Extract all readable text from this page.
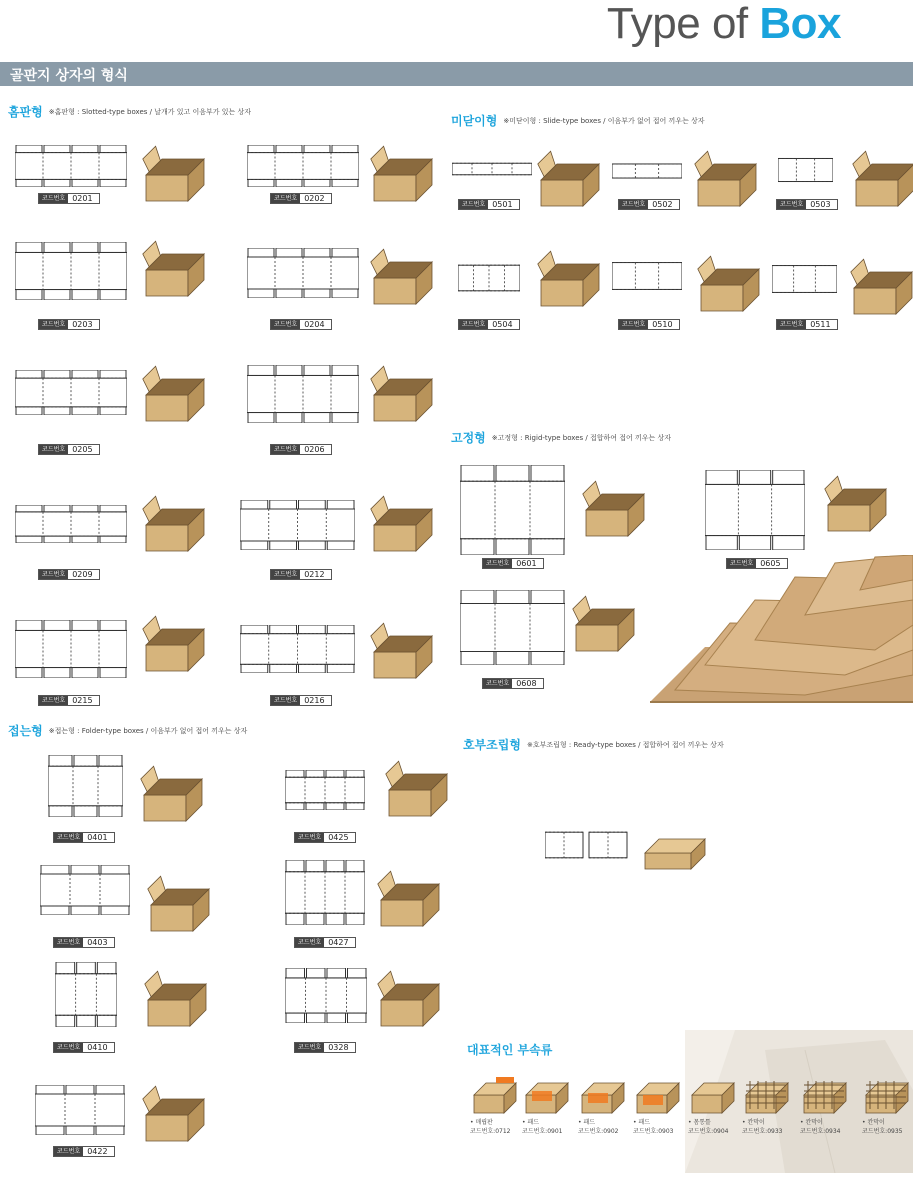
Type of Box
골판지 상자의 형식
홈판형 ※홈판형 : Slotted-type boxes / 날개가 있고 이음부가 있는 상자
미닫이형 ※미닫이형 : Slide-type boxes / 이음부가 없어 접어 끼우는 상자
고정형 ※고정형 : Rigid-type boxes / 접합하여 접어 끼우는 상자
접는형 ※접는형 : Folder-type boxes / 이음부가 없어 접어 끼우는 상자
호부조립형 ※호부조립형 : Ready-type boxes / 접합하여 접어 끼우는 상자
코드번호 0201	코드번호 0202
코드번호 0203	코드번호 0204
코드번호 0205	코드번호 0206
코드번호 0209	코드번호 0212
코드번호 0215	코드번호 0216
코드번호 0501	코드번호 0502	코드번호 0503
코드번호 0504	코드번호 0510	코드번호 0511
코드번호 0601	코드번호 0605
코드번호 0608
코드번호 0401	코드번호 0425
코드번호 0403	코드번호 0427
코드번호 0410	코드번호 0328
코드번호 0422
대표적인 부속류
• 매립판
코드번호:0712
• 패드
코드번호:0901
• 패드
코드번호:0902
• 패드
코드번호:0903
• 몸통틀
코드번호:0904
• 칸막이
코드번호:0933
• 칸막이
코드번호:0934
• 칸막이
코드번호:0935
